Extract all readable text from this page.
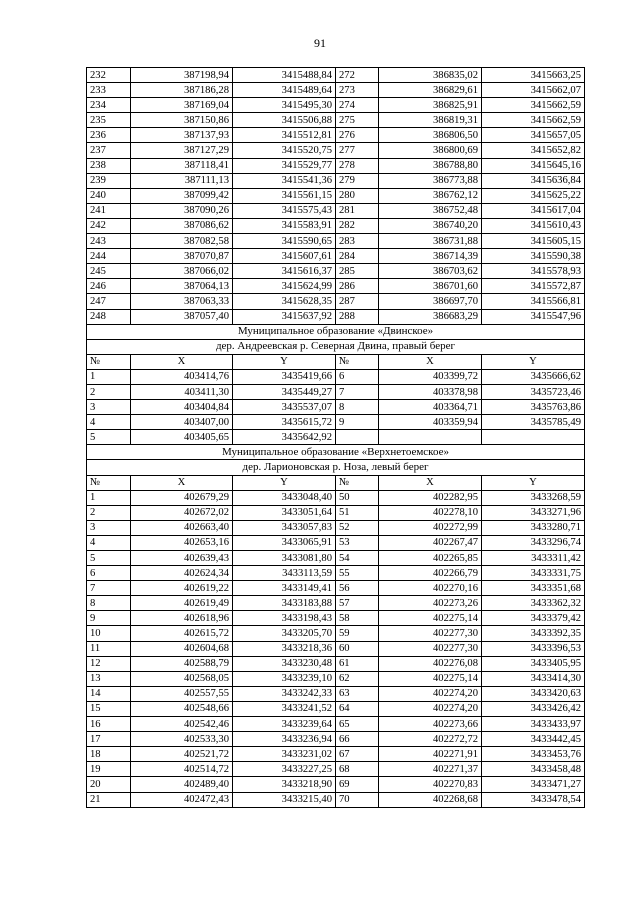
91
232	387198,94	3415488,84	272	386835,02	3415663,25
233	387186,28	3415489,64	273	386829,61	3415662,07
234	387169,04	3415495,30	274	386825,91	3415662,59
235	387150,86	3415506,88	275	386819,31	3415662,59
236	387137,93	3415512,81	276	386806,50	3415657,05
237	387127,29	3415520,75	277	386800,69	3415652,82
238	387118,41	3415529,77	278	386788,80	3415645,16
239	387111,13	3415541,36	279	386773,88	3415636,84
240	387099,42	3415561,15	280	386762,12	3415625,22
241	387090,26	3415575,43	281	386752,48	3415617,04
242	387086,62	3415583,91	282	386740,20	3415610,43
243	387082,58	3415590,65	283	386731,88	3415605,15
244	387070,87	3415607,61	284	386714,39	3415590,38
245	387066,02	3415616,37	285	386703,62	3415578,93
246	387064,13	3415624,99	286	386701,60	3415572,87
247	387063,33	3415628,35	287	386697,70	3415566,81
248	387057,40	3415637,92	288	386683,29	3415547,96
Муниципальное образование «Двинское»					
дер. Андреевская р. Северная Двина, правый берег					
№	X	Y	№	X	Y
1	403414,76	3435419,66	6	403399,72	3435666,62
2	403411,30	3435449,27	7	403378,98	3435723,46
3	403404,84	3435537,07	8	403364,71	3435763,86
4	403407,00	3435615,72	9	403359,94	3435785,49
5	403405,65	3435642,92			
Муниципальное образование «Верхнетоемское»					
дер. Ларионовская р. Ноза, левый берег					
№	X	Y	№	X	Y
1	402679,29	3433048,40	50	402282,95	3433268,59
2	402672,02	3433051,64	51	402278,10	3433271,96
3	402663,40	3433057,83	52	402272,99	3433280,71
4	402653,16	3433065,91	53	402267,47	3433296,74
5	402639,43	3433081,80	54	402265,85	3433311,42
6	402624,34	3433113,59	55	402266,79	3433331,75
7	402619,22	3433149,41	56	402270,16	3433351,68
8	402619,49	3433183,88	57	402273,26	3433362,32
9	402618,96	3433198,43	58	402275,14	3433379,42
10	402615,72	3433205,70	59	402277,30	3433392,35
11	402604,68	3433218,36	60	402277,30	3433396,53
12	402588,79	3433230,48	61	402276,08	3433405,95
13	402568,05	3433239,10	62	402275,14	3433414,30
14	402557,55	3433242,33	63	402274,20	3433420,63
15	402548,66	3433241,52	64	402274,20	3433426,42
16	402542,46	3433239,64	65	402273,66	3433433,97
17	402533,30	3433236,94	66	402272,72	3433442,45
18	402521,72	3433231,02	67	402271,91	3433453,76
19	402514,72	3433227,25	68	402271,37	3433458,48
20	402489,40	3433218,90	69	402270,83	3433471,27
21	402472,43	3433215,40	70	402268,68	3433478,54
